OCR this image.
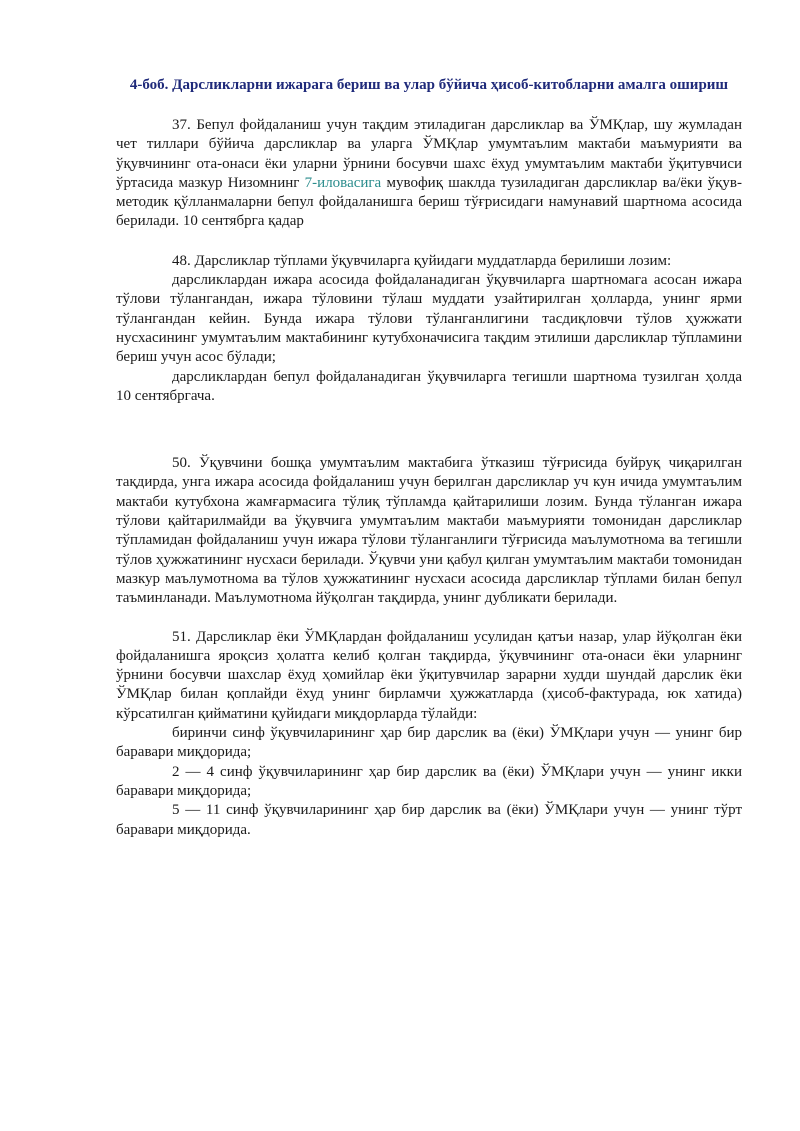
4-боб. Дарсликларни ижарага бериш ва улар бўйича ҳисоб-китобларни амалга ошириш

37. Бепул фойдаланиш учун тақдим этиладиган дарсликлар ва ЎМҚлар, шу жумладан чет тиллари бўйича дарсликлар ва уларга ЎМҚлар умумтаълим мактаби маъмурияти ва ўқувчининг ота-онаси ёки уларни ўрнини босувчи шахс ёхуд умумтаълим мактаби ўқитувчиси ўртасида мазкур Низомнинг 7-иловасига мувофиқ шаклда тузиладиган дарсликлар ва/ёки ўқув-методик қўлланмаларни бепул фойдаланишга бериш тўғрисидаги намунавий шартнома асосида берилади. 10 сентябрга қадар

48. Дарсликлар тўплами ўқувчиларга қуйидаги муддатларда берилиши лозим:

дарсликлардан ижара асосида фойдаланадиган ўқувчиларга шартномага асосан ижара тўлови тўлангандан, ижара тўловини тўлаш муддати узайтирилган ҳолларда, унинг ярми тўлангандан кейин. Бунда ижара тўлови тўланганлигини тасдиқловчи тўлов ҳужжати нусхасининг умумтаълим мактабининг кутубхоначисига тақдим этилиши дарсликлар тўпламини бериш учун асос бўлади;

дарсликлардан бепул фойдаланадиган ўқувчиларга тегишли шартнома тузилган ҳолда 10 сентябргача.

50. Ўқувчини бошқа умумтаълим мактабига ўтказиш тўғрисида буйруқ чиқарилган тақдирда, унга ижара асосида фойдаланиш учун берилган дарсликлар уч кун ичида умумтаълим мактаби кутубхона жамғармасига тўлиқ тўпламда қайтарилиши лозим. Бунда тўланган ижара тўлови қайтарилмайди ва ўқувчига умумтаълим мактаби маъмурияти томонидан дарсликлар тўпламидан фойдаланиш учун ижара тўлови тўланганлиги тўғрисида маълумотнома ва тегишли тўлов ҳужжатининг нусхаси берилади. Ўқувчи уни қабул қилган умумтаълим мактаби томонидан мазкур маълумотнома ва тўлов ҳужжатининг нусхаси асосида дарсликлар тўплами билан бепул таъминланади. Маълумотнома йўқолган тақдирда, унинг дубликати берилади.

51. Дарсликлар ёки ЎМҚлардан фойдаланиш усулидан қатъи назар, улар йўқолган ёки фойдаланишга яроқсиз ҳолатга келиб қолган тақдирда, ўқувчининг ота-онаси ёки уларнинг ўрнини босувчи шахслар ёхуд ҳомийлар ёки ўқитувчилар зарарни худди шундай дарслик ёки ЎМҚлар билан қоплайди ёхуд унинг бирламчи ҳужжатларда (ҳисоб-фактурада, юк хатида) кўрсатилган қийматини қуйидаги миқдорларда тўлайди:

биринчи синф ўқувчиларининг ҳар бир дарслик ва (ёки) ЎМҚлари учун — унинг бир баравари миқдорида;

2 — 4 синф ўқувчиларининг ҳар бир дарслик ва (ёки) ЎМҚлари учун — унинг икки баравари миқдорида;

5 — 11 синф ўқувчиларининг ҳар бир дарслик ва (ёки) ЎМҚлари учун — унинг тўрт баравари миқдорида.
